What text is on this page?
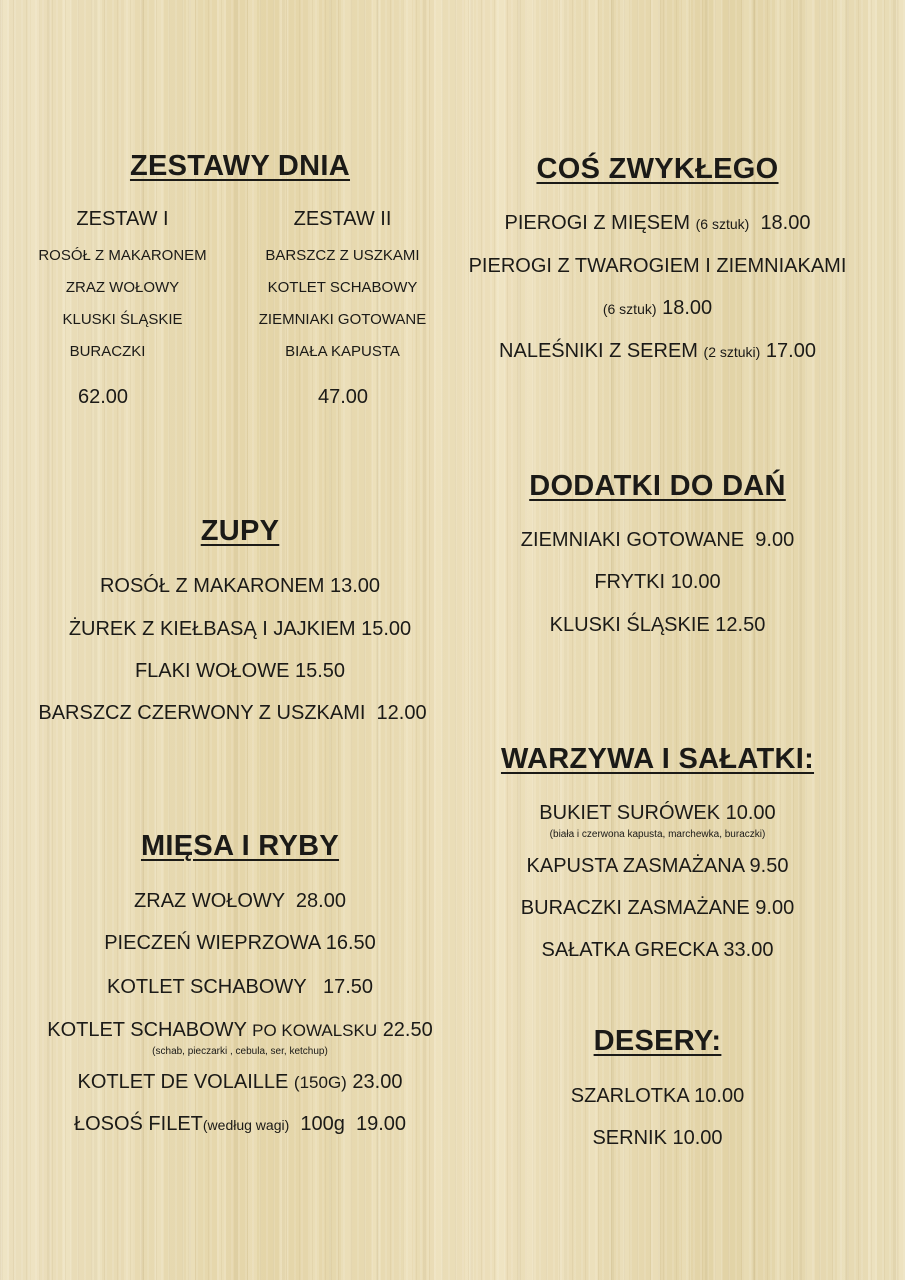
ZESTAWY DNIA
ZESTAW I
ROSÓŁ Z MAKARONEM
ZRAZ WOŁOWY
KLUSKI ŚLĄSKIE
BURACZKI
62.00
ZESTAW II
BARSZCZ Z USZKAMI
KOTLET SCHABOWY
ZIEMNIAKI GOTOWANE
BIAŁA KAPUSTA
47.00
COŚ ZWYKŁEGO
PIEROGI Z MIĘSEM (6 sztuk) 18.00
PIEROGI Z TWAROGIEM I ZIEMNIAKAMI
(6 sztuk) 18.00
NALEŚNIKI Z SEREM (2 sztuki) 17.00
ZUPY
ROSÓŁ Z MAKARONEM 13.00
ŻUREK Z KIEŁBASĄ I JAJKIEM 15.00
FLAKI WOŁOWE 15.50
BARSZCZ CZERWONY Z USZKAMI  12.00
DODATKI DO DAŃ
ZIEMNIAKI GOTOWANE  9.00
FRYTKI 10.00
KLUSKI ŚLĄSKIE 12.50
WARZYWA I SAŁATKI:
BUKIET SURÓWEK 10.00
(biała i czerwona kapusta, marchewka, buraczki)
KAPUSTA ZASMAŻANA 9.50
BURACZKI ZASMAŻANE 9.00
SAŁATKA GRECKA 33.00
MIĘSA I RYBY
ZRAZ WOŁOWY  28.00
PIECZEŃ WIEPRZOWA 16.50
KOTLET SCHABOWY   17.50
KOTLET SCHABOWY PO KOWALSKU 22.50
(schab, pieczarki , cebula, ser, ketchup)
KOTLET DE VOLAILLE (150G) 23.00
ŁOSOŚ FILET(według wagi) 100g  19.00
DESERY:
SZARLOTKA 10.00
SERNIK 10.00
